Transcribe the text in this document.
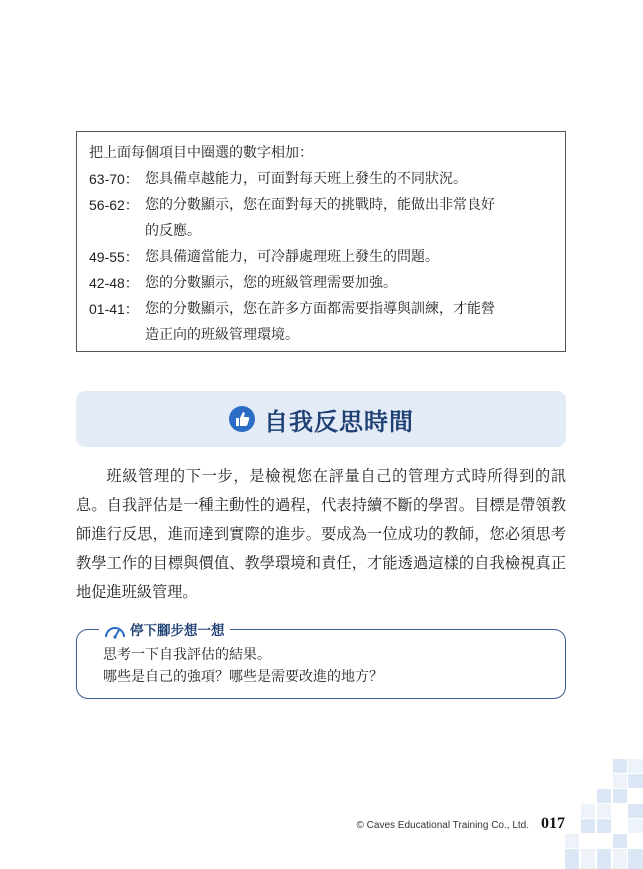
把上面每個項目中圈選的數字相加：
63-70： 您具備卓越能力，可面對每天班上發生的不同狀況。
56-62： 您的分數顯示，您在面對每天的挑戰時，能做出非常良好
的反應。
49-55： 您具備適當能力，可冷靜處理班上發生的問題。
42-48： 您的分數顯示，您的班級管理需要加強。
01-41： 您的分數顯示，您在許多方面都需要指導與訓練，才能營
造正向的班級管理環境。
自我反思時間
班級管理的下一步，是檢視您在評量自己的管理方式時所得到的訊息。自我評估是一種主動性的過程，代表持續不斷的學習。目標是帶領教師進行反思，進而達到實際的進步。要成為一位成功的教師，您必須思考教學工作的目標與價值、教學環境和責任，才能透過這樣的自我檢視真正地促進班級管理。
停下腳步想一想
思考一下自我評估的結果。
哪些是自己的強項？哪些是需要改進的地方？
© Caves Educational Training Co., Ltd. 017
